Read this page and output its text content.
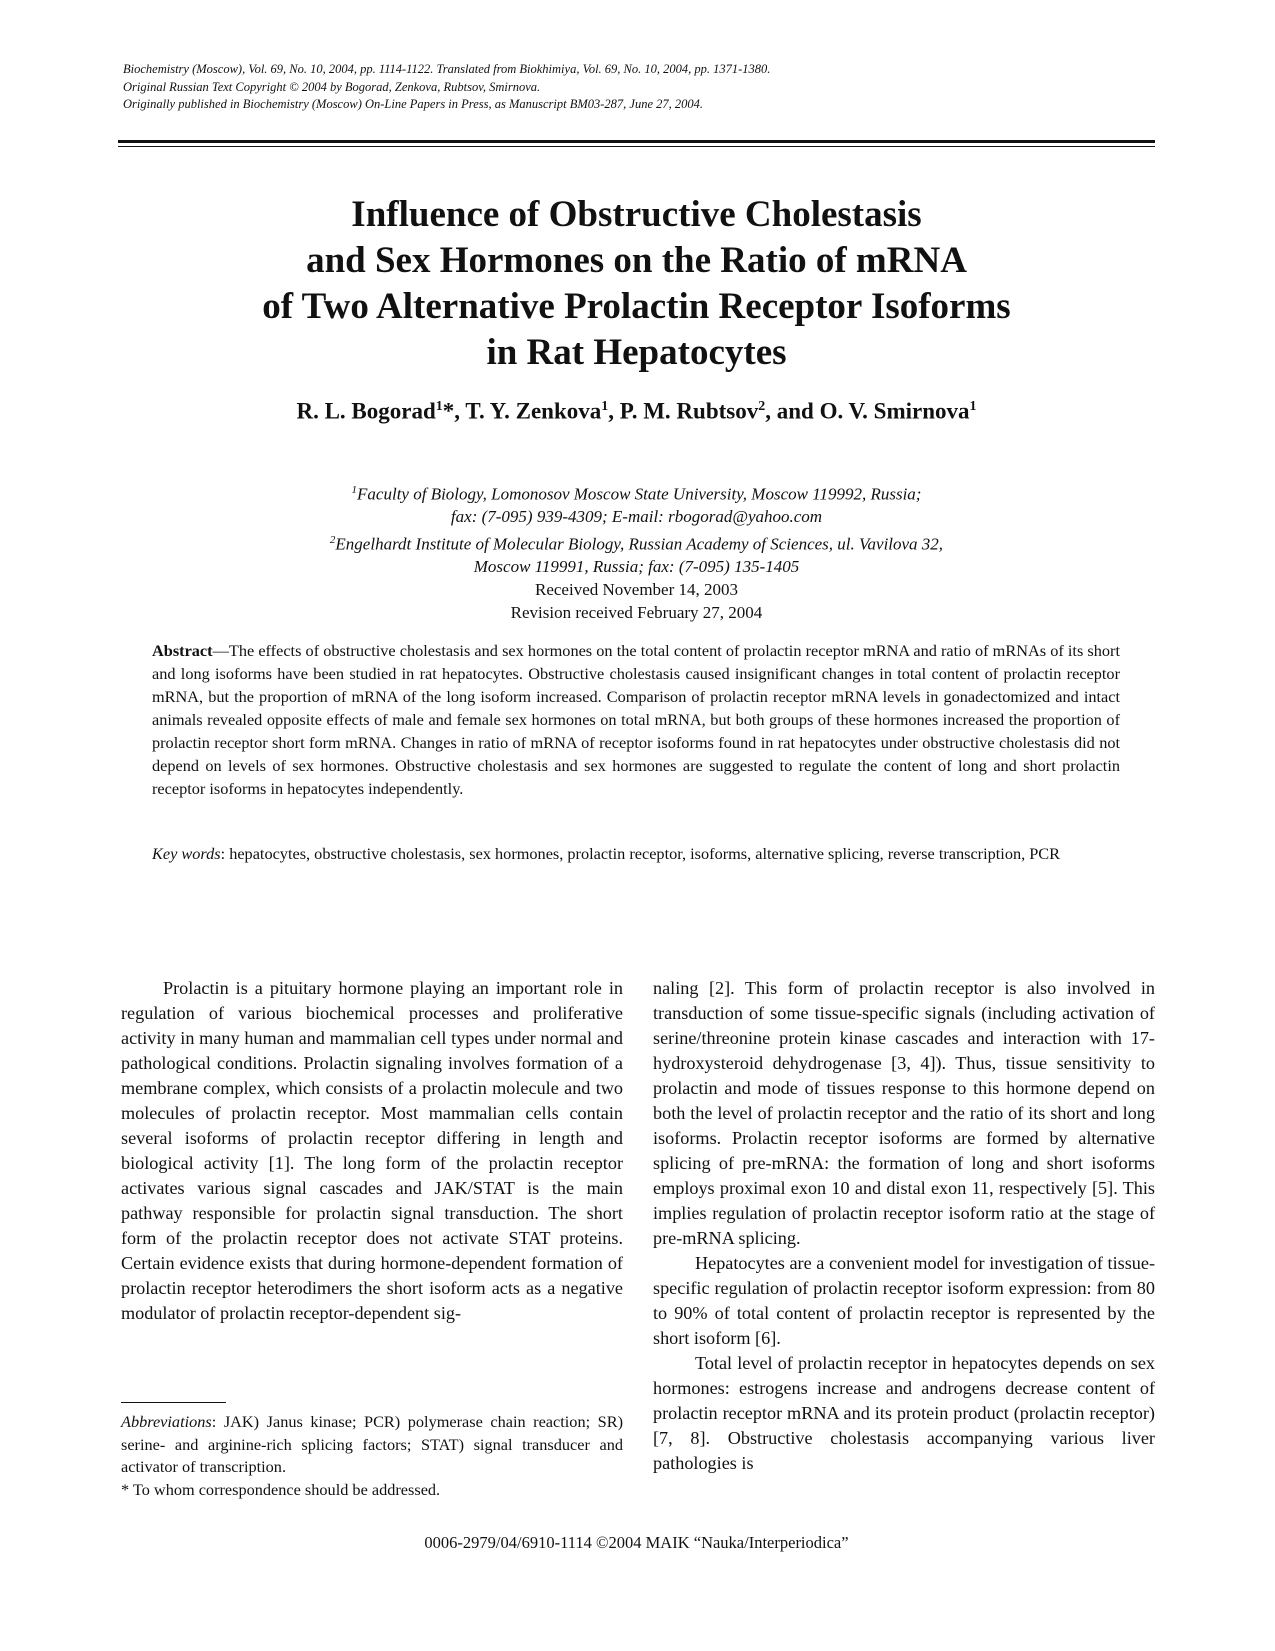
Biochemistry (Moscow), Vol. 69, No. 10, 2004, pp. 1114-1122. Translated from Biokhimiya, Vol. 69, No. 10, 2004, pp. 1371-1380.
Original Russian Text Copyright © 2004 by Bogorad, Zenkova, Rubtsov, Smirnova.
Originally published in Biochemistry (Moscow) On-Line Papers in Press, as Manuscript BM03-287, June 27, 2004.
Influence of Obstructive Cholestasis
and Sex Hormones on the Ratio of mRNA
of Two Alternative Prolactin Receptor Isoforms
in Rat Hepatocytes
R. L. Bogorad$^1$*, T. Y. Zenkova$^1$, P. M. Rubtsov$^2$, and O. V. Smirnova$^1$
$^1$Faculty of Biology, Lomonosov Moscow State University, Moscow 119992, Russia;
fax: (7-095) 939-4309; E-mail: rbogorad@yahoo.com
$^2$Engelhardt Institute of Molecular Biology, Russian Academy of Sciences, ul. Vavilova 32,
Moscow 119991, Russia; fax: (7-095) 135-1405
Received November 14, 2003
Revision received February 27, 2004
Abstract—The effects of obstructive cholestasis and sex hormones on the total content of prolactin receptor mRNA and ratio of mRNAs of its short and long isoforms have been studied in rat hepatocytes. Obstructive cholestasis caused insignificant changes in total content of prolactin receptor mRNA, but the proportion of mRNA of the long isoform increased. Comparison of prolactin receptor mRNA levels in gonadectomized and intact animals revealed opposite effects of male and female sex hormones on total mRNA, but both groups of these hormones increased the proportion of prolactin receptor short form mRNA. Changes in ratio of mRNA of receptor isoforms found in rat hepatocytes under obstructive cholestasis did not depend on levels of sex hormones. Obstructive cholestasis and sex hormones are suggested to regulate the content of long and short prolactin receptor isoforms in hepatocytes independently.
Key words: hepatocytes, obstructive cholestasis, sex hormones, prolactin receptor, isoforms, alternative splicing, reverse transcription, PCR

Prolactin is a pituitary hormone playing an important role in regulation of various biochemical processes and proliferative activity in many human and mammalian cell types under normal and pathological conditions. Prolactin signaling involves formation of a membrane complex, which consists of a prolactin molecule and two molecules of prolactin receptor. Most mammalian cells contain several isoforms of prolactin receptor differing in length and biological activity [1]. The long form of the prolactin receptor activates various signal cascades and JAK/STAT is the main pathway responsible for prolactin signal transduction. The short form of the prolactin receptor does not activate STAT proteins. Certain evidence exists that during hormone-dependent formation of prolactin receptor heterodimers the short isoform acts as a negative modulator of prolactin receptor-dependent sig-

naling [2]. This form of prolactin receptor is also involved in transduction of some tissue-specific signals (including activation of serine/threonine protein kinase cascades and interaction with 17-hydroxysteroid dehydrogenase [3, 4]). Thus, tissue sensitivity to prolactin and mode of tissues response to this hormone depend on both the level of prolactin receptor and the ratio of its short and long isoforms. Prolactin receptor isoforms are formed by alternative splicing of pre-mRNA: the formation of long and short isoforms employs proximal exon 10 and distal exon 11, respectively [5]. This implies regulation of prolactin receptor isoform ratio at the stage of pre-mRNA splicing.

Hepatocytes are a convenient model for investigation of tissue-specific regulation of prolactin receptor isoform expression: from 80 to 90% of total content of prolactin receptor is represented by the short isoform [6].

Total level of prolactin receptor in hepatocytes depends on sex hormones: estrogens increase and androgens decrease content of prolactin receptor mRNA and its protein product (prolactin receptor) [7, 8]. Obstructive cholestasis accompanying various liver pathologies is

Abbreviations: JAK) Janus kinase; PCR) polymerase chain reaction; SR) serine- and arginine-rich splicing factors; STAT) signal transducer and activator of transcription.

* To whom correspondence should be addressed.

0006-2979/04/6910-1114 ©2004 MAIK “Nauka/Interperiodica”
